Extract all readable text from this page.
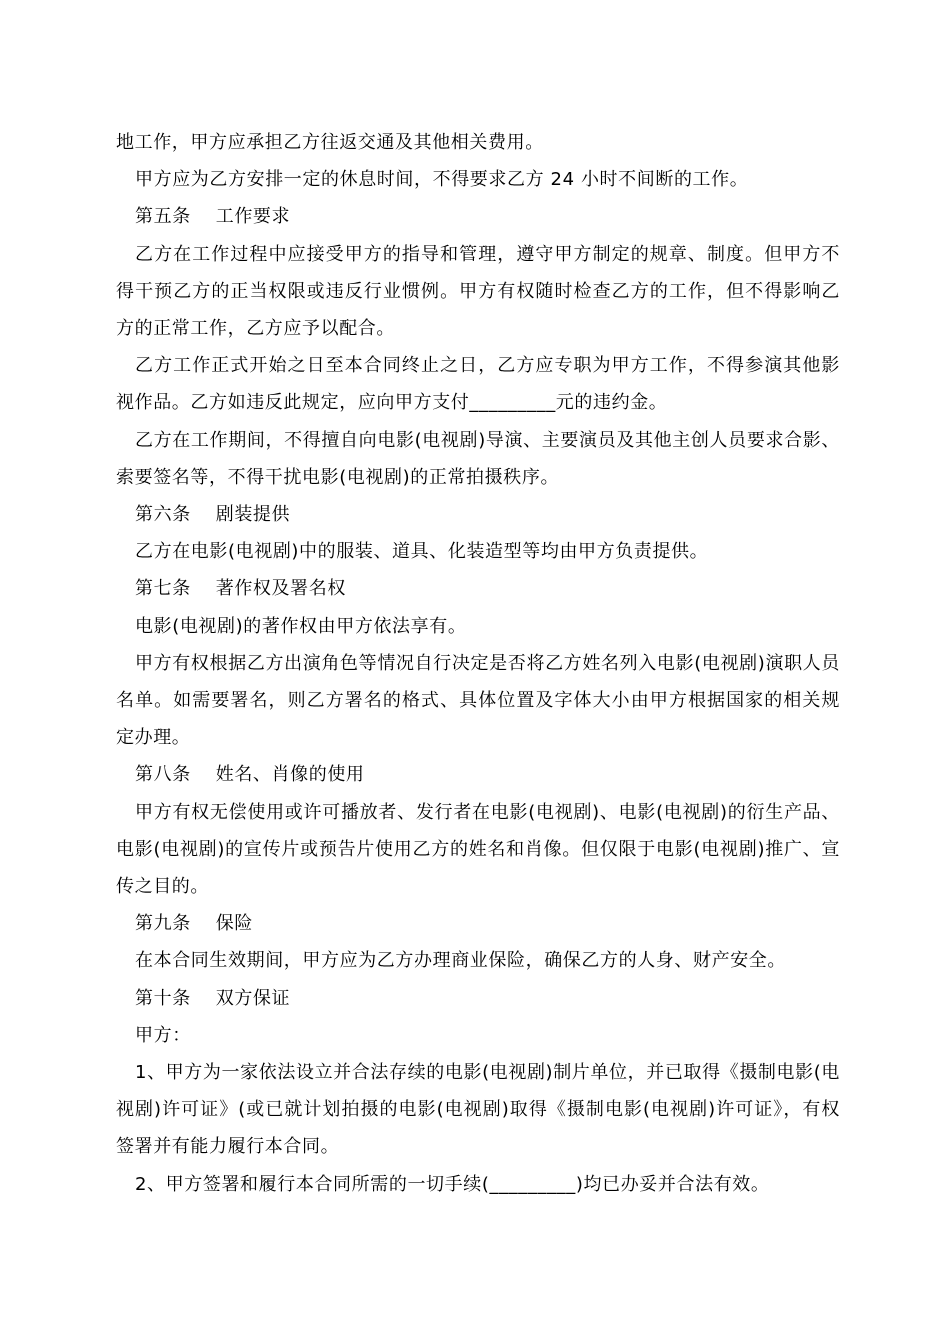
地工作，甲方应承担乙方往返交通及其他相关费用。

甲方应为乙方安排一定的休息时间，不得要求乙方 24 小时不间断的工作。

第五条　 工作要求

乙方在工作过程中应接受甲方的指导和管理，遵守甲方制定的规章、制度。但甲方不得干预乙方的正当权限或违反行业惯例。甲方有权随时检查乙方的工作，但不得影响乙方的正常工作，乙方应予以配合。

乙方工作正式开始之日至本合同终止之日，乙方应专职为甲方工作，不得参演其他影视作品。乙方如违反此规定，应向甲方支付_________元的违约金。

乙方在工作期间，不得擅自向电影(电视剧)导演、主要演员及其他主创人员要求合影、索要签名等，不得干扰电影(电视剧)的正常拍摄秩序。

第六条　 剧装提供

乙方在电影(电视剧)中的服装、道具、化装造型等均由甲方负责提供。

第七条　 著作权及署名权

电影(电视剧)的著作权由甲方依法享有。

甲方有权根据乙方出演角色等情况自行决定是否将乙方姓名列入电影(电视剧)演职人员名单。如需要署名，则乙方署名的格式、具体位置及字体大小由甲方根据国家的相关规定办理。

第八条　 姓名、肖像的使用

甲方有权无偿使用或许可播放者、发行者在电影(电视剧)、电影(电视剧)的衍生产品、电影(电视剧)的宣传片或预告片使用乙方的姓名和肖像。但仅限于电影(电视剧)推广、宣传之目的。

第九条　 保险

在本合同生效期间，甲方应为乙方办理商业保险，确保乙方的人身、财产安全。

第十条　 双方保证

甲方：

1、甲方为一家依法设立并合法存续的电影(电视剧)制片单位，并已取得《摄制电影(电视剧)许可证》(或已就计划拍摄的电影(电视剧)取得《摄制电影(电视剧)许可证》，有权签署并有能力履行本合同。

2、甲方签署和履行本合同所需的一切手续(_________)均已办妥并合法有效。
